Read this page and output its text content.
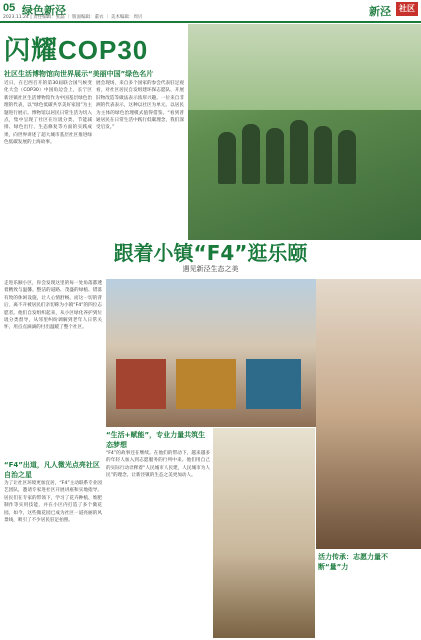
05 绿色新泾
2023.11.24 | 责任编辑：张磊 ｜ 版面编辑：董衣 ｜ 美术编辑：周贝	新泾	社区
闪耀COP30
社区生活博物馆向世界展示“美丽中国”绿色名片
近日，在巴西召开的第30届联合国气候变化大会（COP30）中国角边会上，长宁区新泾镇社区生活博物馆作为中国基层绿色治理的代表，以“绿色低碳共享美好家园”为主题进行展示。博物馆以居民日常生活为切入点，集中呈现了社区在垃圾分类、节能减排、绿色出行、生态修复等方面的实践成果，向世界讲述了超大城市基层社区推进绿色低碳发展的上海故事。
展会现场，来自多个国家的参会代表驻足观看，对社区居民自发组建环保志愿队、开展旧物改造等做法表示浓厚兴趣。一位来自非洲的代表表示，这种以社区为单元、以居民为主体的绿色治理模式值得借鉴。“看到普通居民在日常生活中践行低碳理念，我们深受启发。”
跟着小镇“F4”逛乐颐
遇见新泾生态之美
走进乐颐小区，你会发现这里的每一处角落都透着精致与温馨。整洁的道路、茂盛的绿植、错落有致的休闲设施，让人心情舒畅。而这一切的背后，离不开被居民们亲切称为小镇“F4”的四位志愿者。他们自发组织起来，从小区绿化养护到垃圾分类督导，从邻里纠纷调解到老年人日常关怀，用点点滴滴的付出温暖了整个社区。
“F4”出道，凡人微光点亮社区自治之星
为了让社区环境更加宜居，“F4”主动联系专业园艺团队，邀请专家进社区开展讲座和实地指导。居民们在专家的带领下，学习了花卉种植、堆肥制作等实用技能，并在小区内打造了多个微花园。如今，这些微花园已成为社区一道亮丽的风景线，吸引了不少居民驻足拍照。
“生活+赋能”，专业力量共筑生态梦想
“F4”的故事还在继续。在他们的带动下，越来越多的年轻人加入到志愿服务的行列中来。他们用自己的实际行动诠释着“人民城市人民建，人民城市为人民”的理念，让新泾镇的生态之美更加动人。
活力传承：志愿力量不断“量”力
